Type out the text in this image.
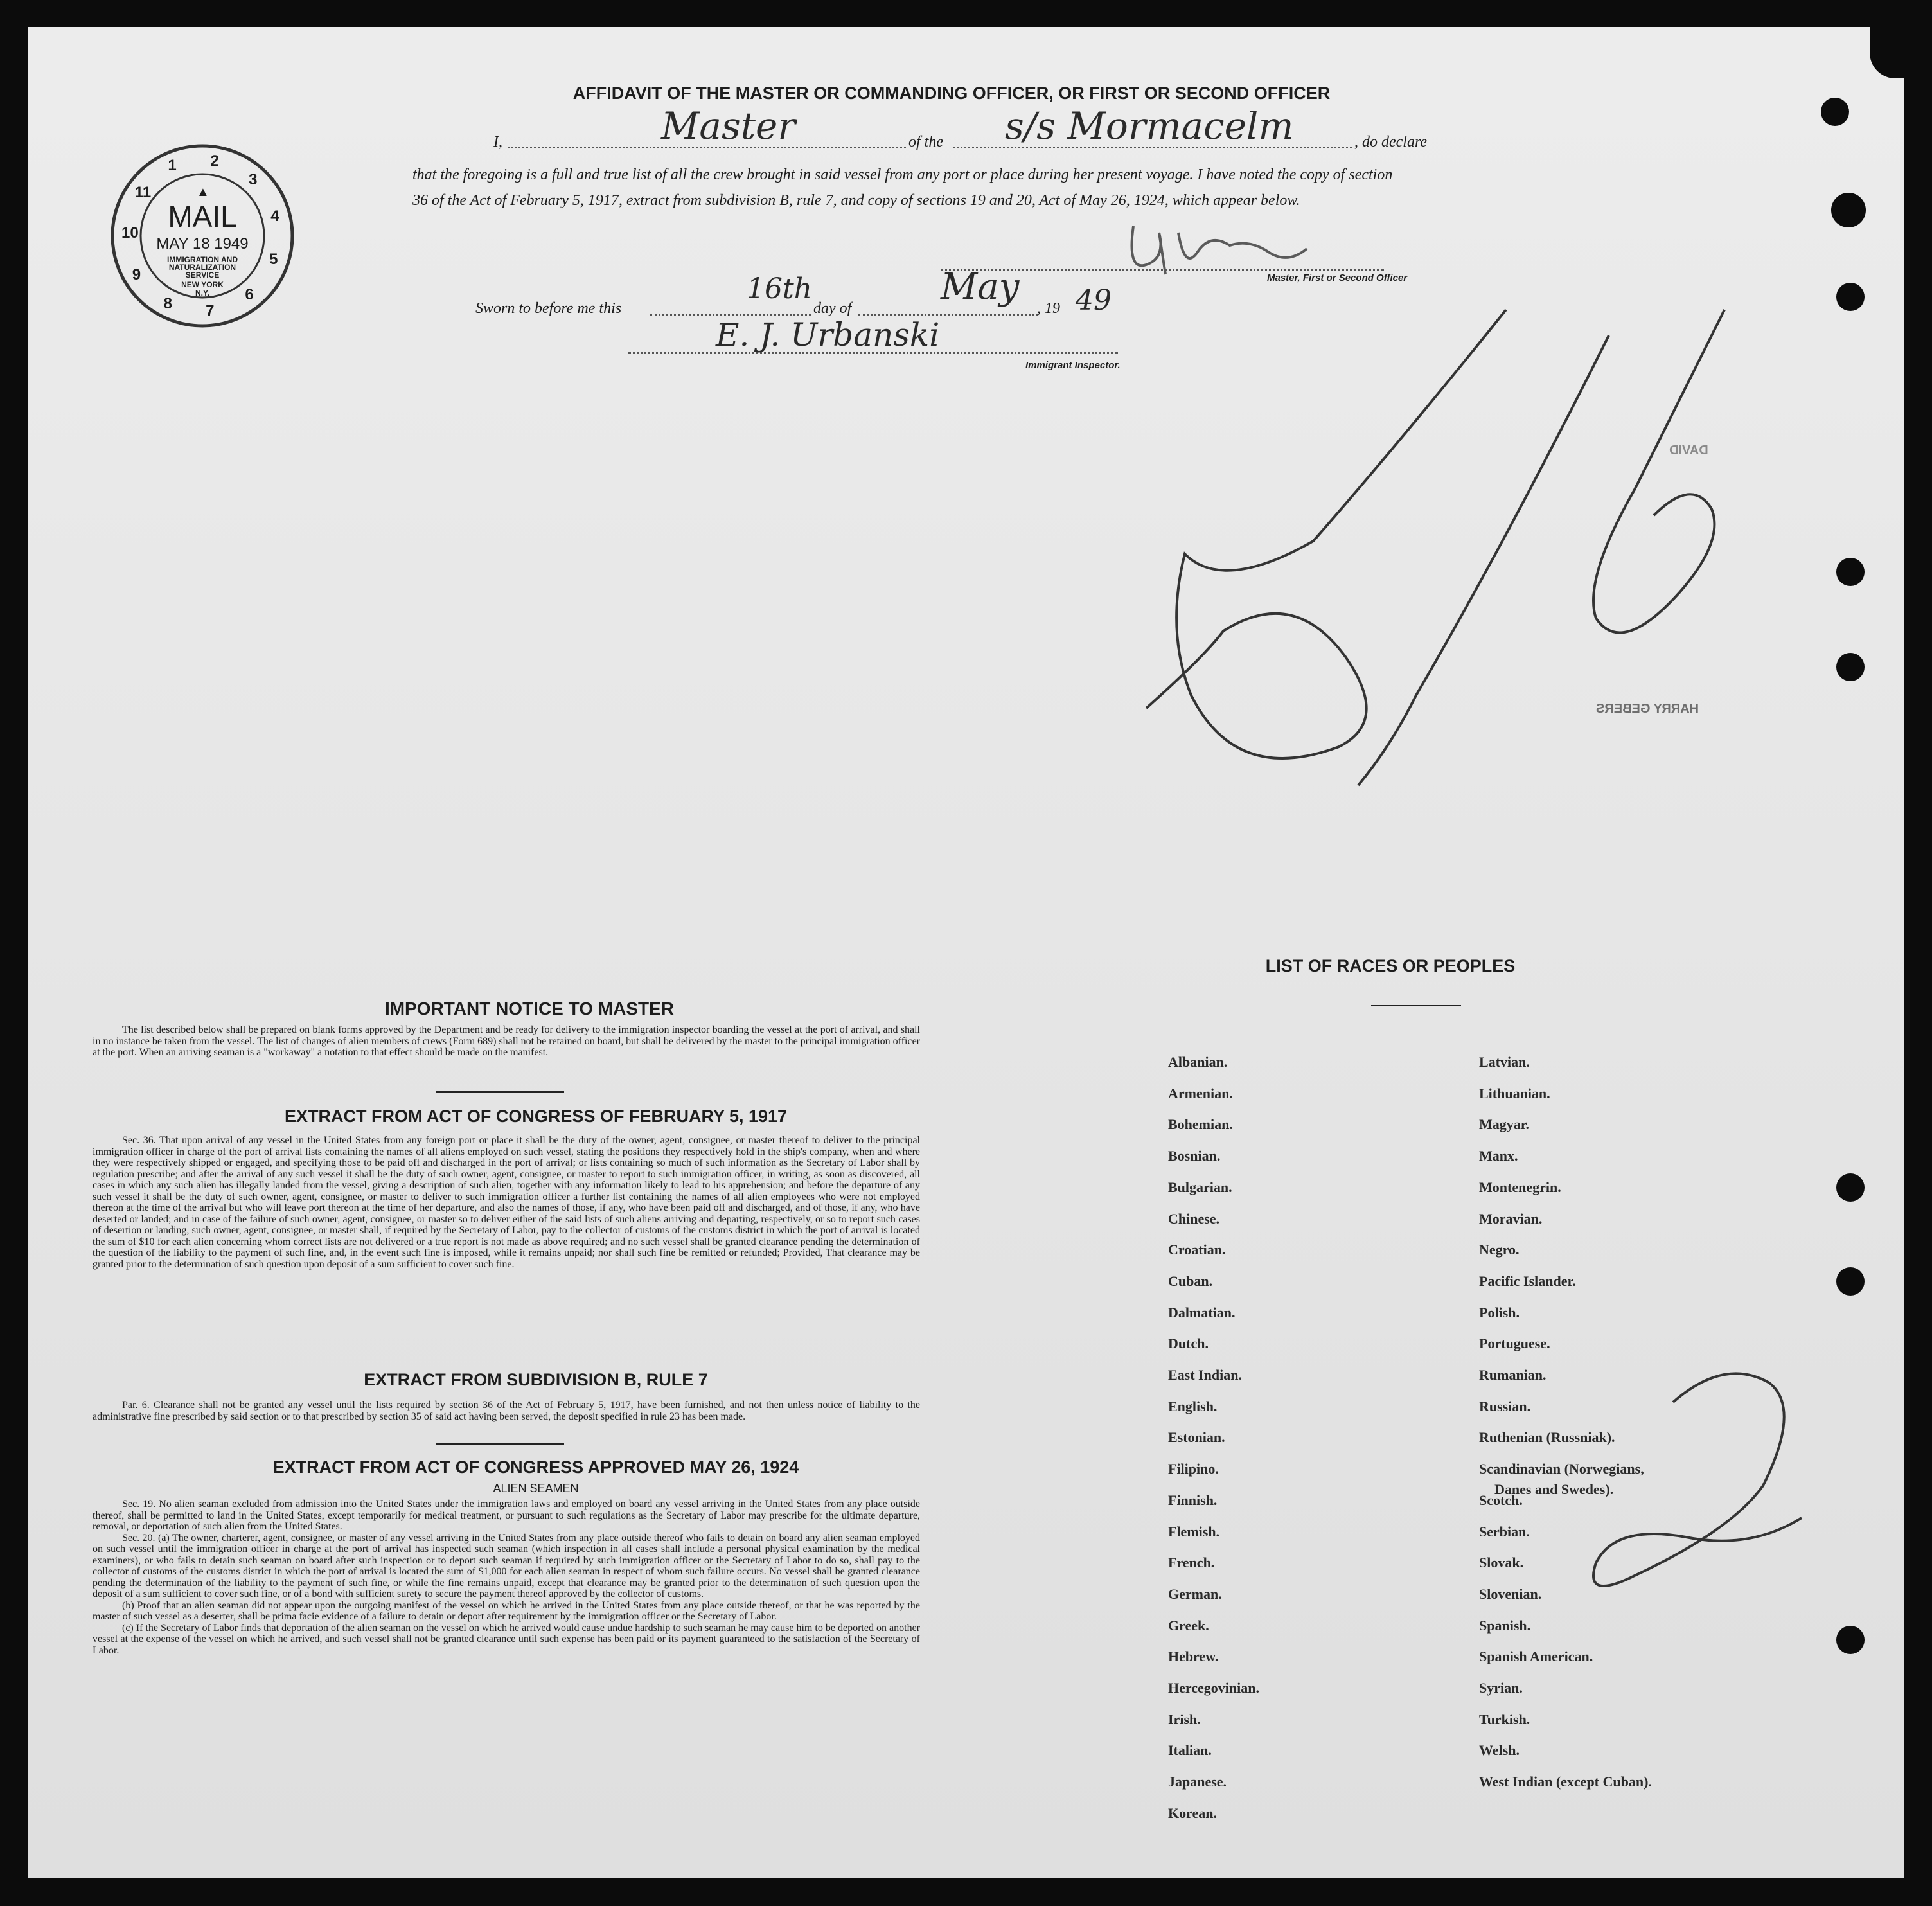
AFFIDAVIT OF THE MASTER OR COMMANDING OFFICER, OR FIRST OR SECOND OFFICER
I,	Master	of the s/s Mormacelm	, do declare
that the foregoing is a full and true list of all the crew brought in said vessel from any port or place during her present voyage. I have noted the copy of section 36 of the Act of February 5, 1917, extract from subdivision B, rule 7, and copy of sections 19 and 20, Act of May 26, 1924, which appear below.
Master, First or Second Officer
Sworn to before me this
16th
day of
May
, 19 49
E. J. Urbanski
Immigrant Inspector.
2
3
4
5
6
7
8
9
10
11
1
▲
MAIL
MAY 18 1949
IMMIGRATION AND NATURALIZATION SERVICE
NEW YORK
N.Y.
DAVID
HARRY GEBERS
IMPORTANT NOTICE TO MASTER

The list described below shall be prepared on blank forms approved by the Department and be ready for delivery to the immigration inspector boarding the vessel at the port of arrival, and shall in no instance be taken from the vessel. The list of changes of alien members of crews (Form 689) shall not be retained on board, but shall be delivered by the master to the principal immigration officer at the port. When an arriving seaman is a "workaway" a notation to that effect should be made on the manifest.

EXTRACT FROM ACT OF CONGRESS OF FEBRUARY 5, 1917

Sec. 36. That upon arrival of any vessel in the United States from any foreign port or place it shall be the duty of the owner, agent, consignee, or master thereof to deliver to the principal immigration officer in charge of the port of arrival lists containing the names of all aliens employed on such vessel, stating the positions they respectively hold in the ship's company, when and where they were respectively shipped or engaged, and specifying those to be paid off and discharged in the port of arrival; or lists containing so much of such information as the Secretary of Labor shall by regulation prescribe; and after the arrival of any such vessel it shall be the duty of such owner, agent, consignee, or master to report to such immigration officer, in writing, as soon as discovered, all cases in which any such alien has illegally landed from the vessel, giving a description of such alien, together with any information likely to lead to his apprehension; and before the departure of any such vessel it shall be the duty of such owner, agent, consignee, or master to deliver to such immigration officer a further list containing the names of all alien employees who were not employed thereon at the time of the arrival but who will leave port thereon at the time of her departure, and also the names of those, if any, who have been paid off and discharged, and of those, if any, who have deserted or landed; and in case of the failure of such owner, agent, consignee, or master so to deliver either of the said lists of such aliens arriving and departing, respectively, or so to report such cases of desertion or landing, such owner, agent, consignee, or master shall, if required by the Secretary of Labor, pay to the collector of customs of the customs district in which the port of arrival is located the sum of $10 for each alien concerning whom correct lists are not delivered or a true report is not made as above required; and no such vessel shall be granted clearance pending the determination of the question of the liability to the payment of such fine, and, in the event such fine is imposed, while it remains unpaid; nor shall such fine be remitted or refunded; Provided, That clearance may be granted prior to the determination of such question upon deposit of a sum sufficient to cover such fine.

EXTRACT FROM SUBDIVISION B, RULE 7

Par. 6. Clearance shall not be granted any vessel until the lists required by section 36 of the Act of February 5, 1917, have been furnished, and not then unless notice of liability to the administrative fine prescribed by said section or to that prescribed by section 35 of said act having been served, the deposit specified in rule 23 has been made.

EXTRACT FROM ACT OF CONGRESS APPROVED MAY 26, 1924
ALIEN SEAMEN

Sec. 19. No alien seaman excluded from admission into the United States under the immigration laws and employed on board any vessel arriving in the United States from any place outside thereof, shall be permitted to land in the United States, except temporarily for medical treatment, or pursuant to such regulations as the Secretary of Labor may prescribe for the ultimate departure, removal, or deportation of such alien from the United States.

Sec. 20. (a) The owner, charterer, agent, consignee, or master of any vessel arriving in the United States from any place outside thereof who fails to detain on board any alien seaman employed on such vessel until the immigration officer in charge at the port of arrival has inspected such seaman (which inspection in all cases shall include a personal physical examination by the medical examiners), or who fails to detain such seaman on board after such inspection or to deport such seaman if required by such immigration officer or the Secretary of Labor to do so, shall pay to the collector of customs of the customs district in which the port of arrival is located the sum of $1,000 for each alien seaman in respect of whom such failure occurs. No vessel shall be granted clearance pending the determination of the liability to the payment of such fine, or while the fine remains unpaid, except that clearance may be granted prior to the determination of such question upon the deposit of a sum sufficient to cover such fine, or of a bond with sufficient surety to secure the payment thereof approved by the collector of customs.

(b) Proof that an alien seaman did not appear upon the outgoing manifest of the vessel on which he arrived in the United States from any place outside thereof, or that he was reported by the master of such vessel as a deserter, shall be prima facie evidence of a failure to detain or deport after requirement by the immigration officer or the Secretary of Labor.

(c) If the Secretary of Labor finds that deportation of the alien seaman on the vessel on which he arrived would cause undue hardship to such seaman he may cause him to be deported on another vessel at the expense of the vessel on which he arrived, and such vessel shall not be granted clearance until such expense has been paid or its payment guaranteed to the satisfaction of the Secretary of Labor.

LIST OF RACES OR PEOPLES
Albanian.
Armenian.
Bohemian.
Bosnian.
Bulgarian.
Chinese.
Croatian.
Cuban.
Dalmatian.
Dutch.
East Indian.
English.
Estonian.
Filipino.
Finnish.
Flemish.
French.
German.
Greek.
Hebrew.
Hercegovinian.
Irish.
Italian.
Japanese.
Korean.
Latvian.
Lithuanian.
Magyar.
Manx.
Montenegrin.
Moravian.
Negro.
Pacific Islander.
Polish.
Portuguese.
Rumanian.
Russian.
Ruthenian (Russniak).
Scandinavian (Norwegians,
Danes and Swedes).
Scotch.
Serbian.
Slovak.
Slovenian.
Spanish.
Spanish American.
Syrian.
Turkish.
Welsh.
West Indian (except Cuban).
